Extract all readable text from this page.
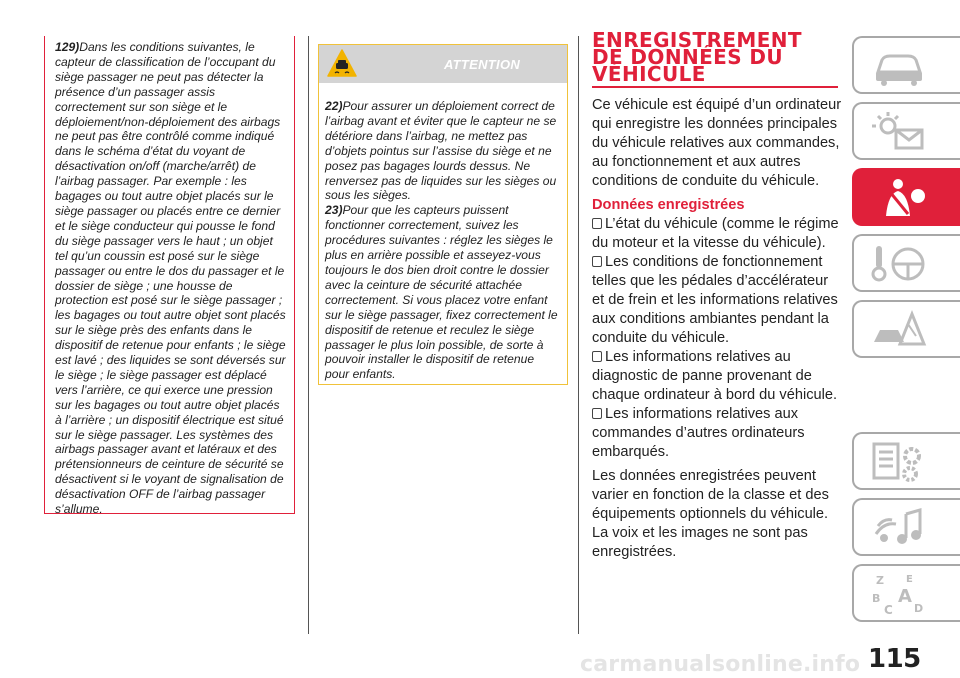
129)Dans les conditions suivantes, le capteur de classification de l’occupant du siège passager ne peut pas détecter la présence d’un passager assis correctement sur son siège et le déploiement/non-déploiement des airbags ne peut pas être contrôlé comme indiqué dans le schéma d’état du voyant de désactivation on/off (marche/arrêt) de l’airbag passager. Par exemple : les bagages ou tout autre objet placés sur le siège passager ou placés entre ce dernier et le siège conducteur qui pousse le fond du siège passager vers le haut ; un objet tel qu’un coussin est posé sur le siège passager ou entre le dos du passager et le dossier de siège ; une housse de protection est posé sur le siège passager ; les bagages ou tout autre objet sont placés sur le siège près des enfants dans le dispositif de retenue pour enfants ; le siège est lavé ; des liquides se sont déversés sur le siège ; le siège passager est déplacé vers l’arrière, ce qui exerce une pression sur les bagages ou tout autre objet placés à l’arrière ; un dispositif électrique est situé sur le siège passager. Les systèmes des airbags passager avant et latéraux et des prétensionneurs de ceinture de sécurité se désactivent si le voyant de signalisation de désactivation OFF de l’airbag passager s’allume.

ATTENTION

22)Pour assurer un déploiement correct de l’airbag avant et éviter que le capteur ne se détériore dans l’airbag, ne mettez pas d’objets pointus sur l’assise du siège et ne posez pas bagages lourds dessus. Ne renversez pas de liquides sur les sièges ou sous les sièges.

23)Pour que les capteurs puissent fonctionner correctement, suivez les procédures suivantes : réglez les sièges le plus en arrière possible et asseyez-vous toujours le dos bien droit contre le dossier avec la ceinture de sécurité attachée correctement. Si vous placez votre enfant sur le siège passager, fixez correctement le dispositif de retenue et reculez le siège passager le plus loin possible, de sorte à pouvoir installer le dispositif de retenue pour enfants.

ENREGISTREMENT
DE DONNÉES DU
VÉHICULE

Ce véhicule est équipé d’un ordinateur qui enregistre les données principales du véhicule relatives aux commandes, au fonctionnement et aux autres conditions de conduite du véhicule.

Données enregistrées

L’état du véhicule (comme le régime du moteur et la vitesse du véhicule).

Les conditions de fonctionnement telles que les pédales d’accélérateur et de frein et les informations relatives aux conditions ambiantes pendant la conduite du véhicule.

Les informations relatives au diagnostic de panne provenant de chaque ordinateur à bord du véhicule.

Les informations relatives aux commandes d’autres ordinateurs embarqués.

Les données enregistrées peuvent varier en fonction de la classe et des équipements optionnels du véhicule. La voix et les images ne sont pas enregistrées.

Z E
B A
C D
carmanualsonline.info 115
